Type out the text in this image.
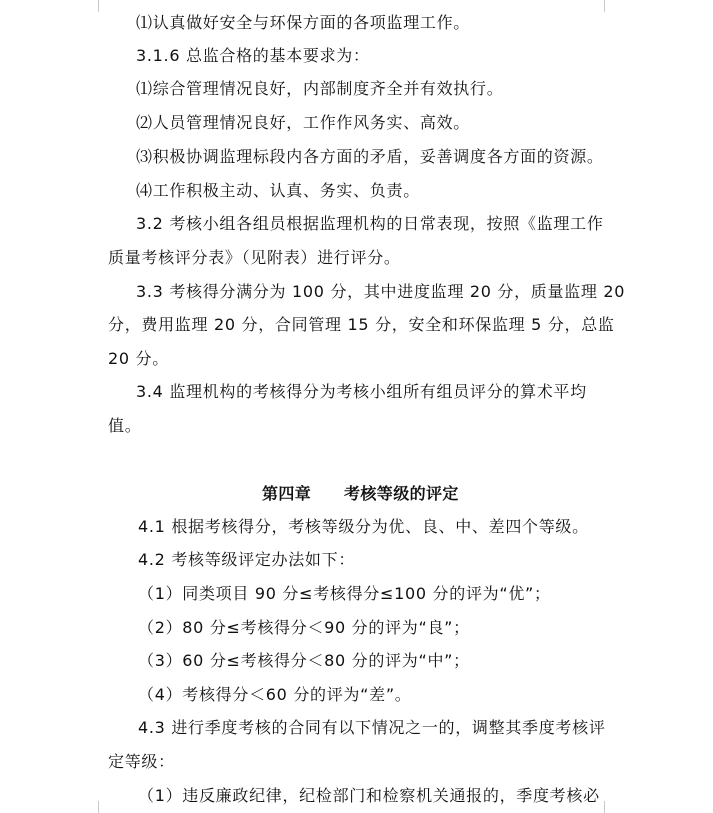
⑴认真做好安全与环保方面的各项监理工作。
3.1.6 总监合格的基本要求为：
⑴综合管理情况良好，内部制度齐全并有效执行。
⑵人员管理情况良好，工作作风务实、高效。
⑶积极协调监理标段内各方面的矛盾，妥善调度各方面的资源。
⑷工作积极主动、认真、务实、负责。
3.2 考核小组各组员根据监理机构的日常表现，按照《监理工作
质量考核评分表》（见附表）进行评分。
3.3 考核得分满分为 100 分，其中进度监理 20 分，质量监理 20
分，费用监理 20 分，合同管理 15 分，安全和环保监理 5 分，总监
20 分。
3.4 监理机构的考核得分为考核小组所有组员评分的算术平均
值。
第四章　　考核等级的评定
4.1 根据考核得分，考核等级分为优、良、中、差四个等级。
4.2 考核等级评定办法如下：
（1）同类项目 90 分≤考核得分≤100 分的评为“优”；
（2）80 分≤考核得分＜90 分的评为“良”；
（3）60 分≤考核得分＜80 分的评为“中”；
（4）考核得分＜60 分的评为“差”。
4.3 进行季度考核的合同有以下情况之一的，调整其季度考核评
定等级：
（1）违反廉政纪律，纪检部门和检察机关通报的，季度考核必
